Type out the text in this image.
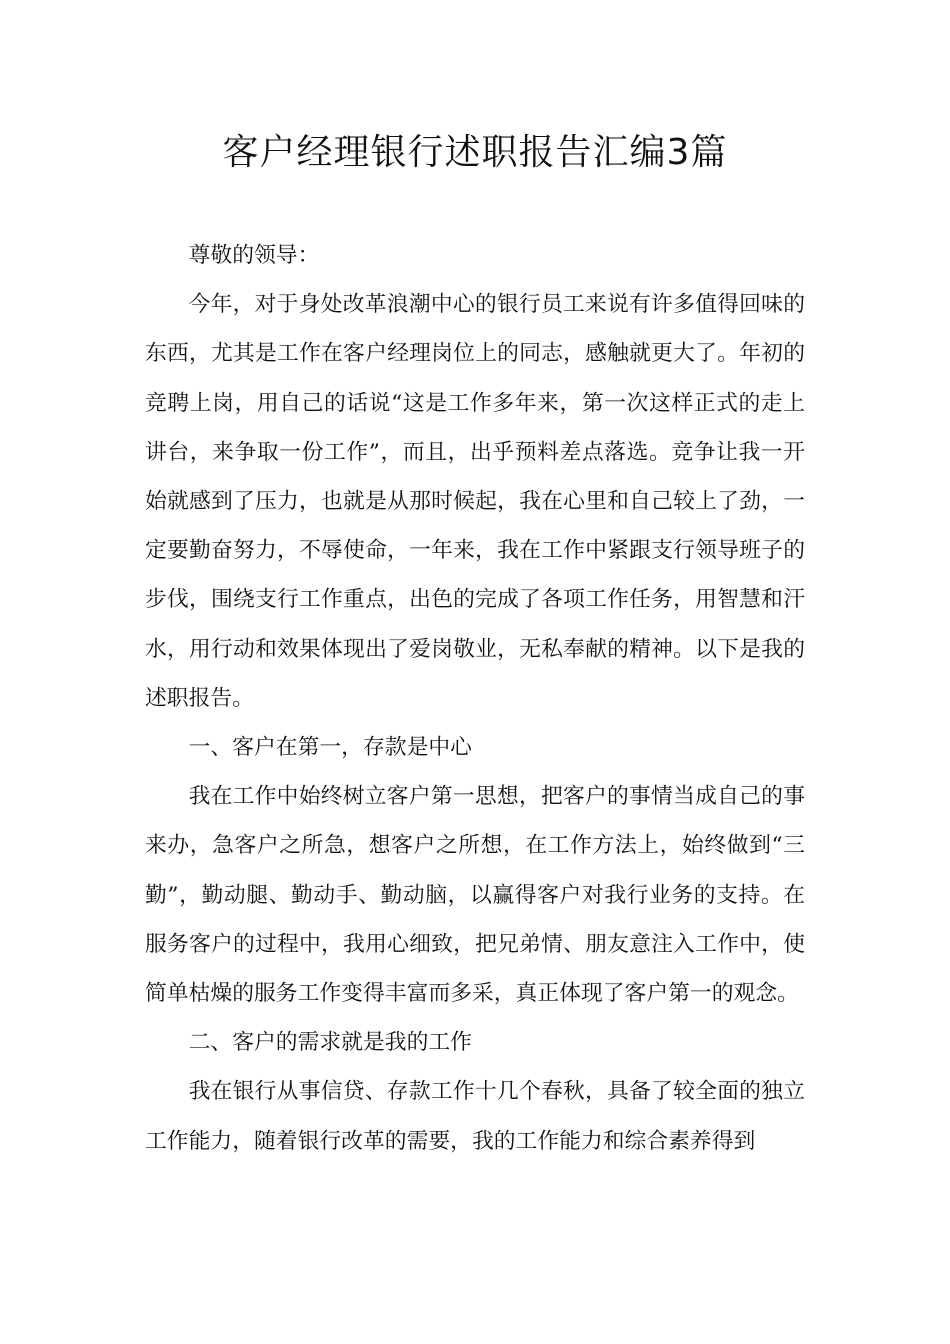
客户经理银行述职报告汇编3篇

尊敬的领导：

今年，对于身处改革浪潮中心的银行员工来说有许多值得回味的东西，尤其是工作在客户经理岗位上的同志，感触就更大了。年初的竞聘上岗，用自己的话说“这是工作多年来，第一次这样正式的走上讲台，来争取一份工作”，而且，出乎预料差点落选。竞争让我一开始就感到了压力，也就是从那时候起，我在心里和自己较上了劲，一定要勤奋努力，不辱使命，一年来，我在工作中紧跟支行领导班子的步伐，围绕支行工作重点，出色的完成了各项工作任务，用智慧和汗水，用行动和效果体现出了爱岗敬业，无私奉献的精神。以下是我的述职报告。

一、客户在第一，存款是中心

我在工作中始终树立客户第一思想，把客户的事情当成自己的事来办，急客户之所急，想客户之所想，在工作方法上，始终做到“三勤”，勤动腿、勤动手、勤动脑，以赢得客户对我行业务的支持。在服务客户的过程中，我用心细致，把兄弟情、朋友意注入工作中，使简单枯燥的服务工作变得丰富而多采，真正体现了客户第一的观念。

二、客户的需求就是我的工作

我在银行从事信贷、存款工作十几个春秋，具备了较全面的独立工作能力，随着银行改革的需要，我的工作能力和综合素养得到
